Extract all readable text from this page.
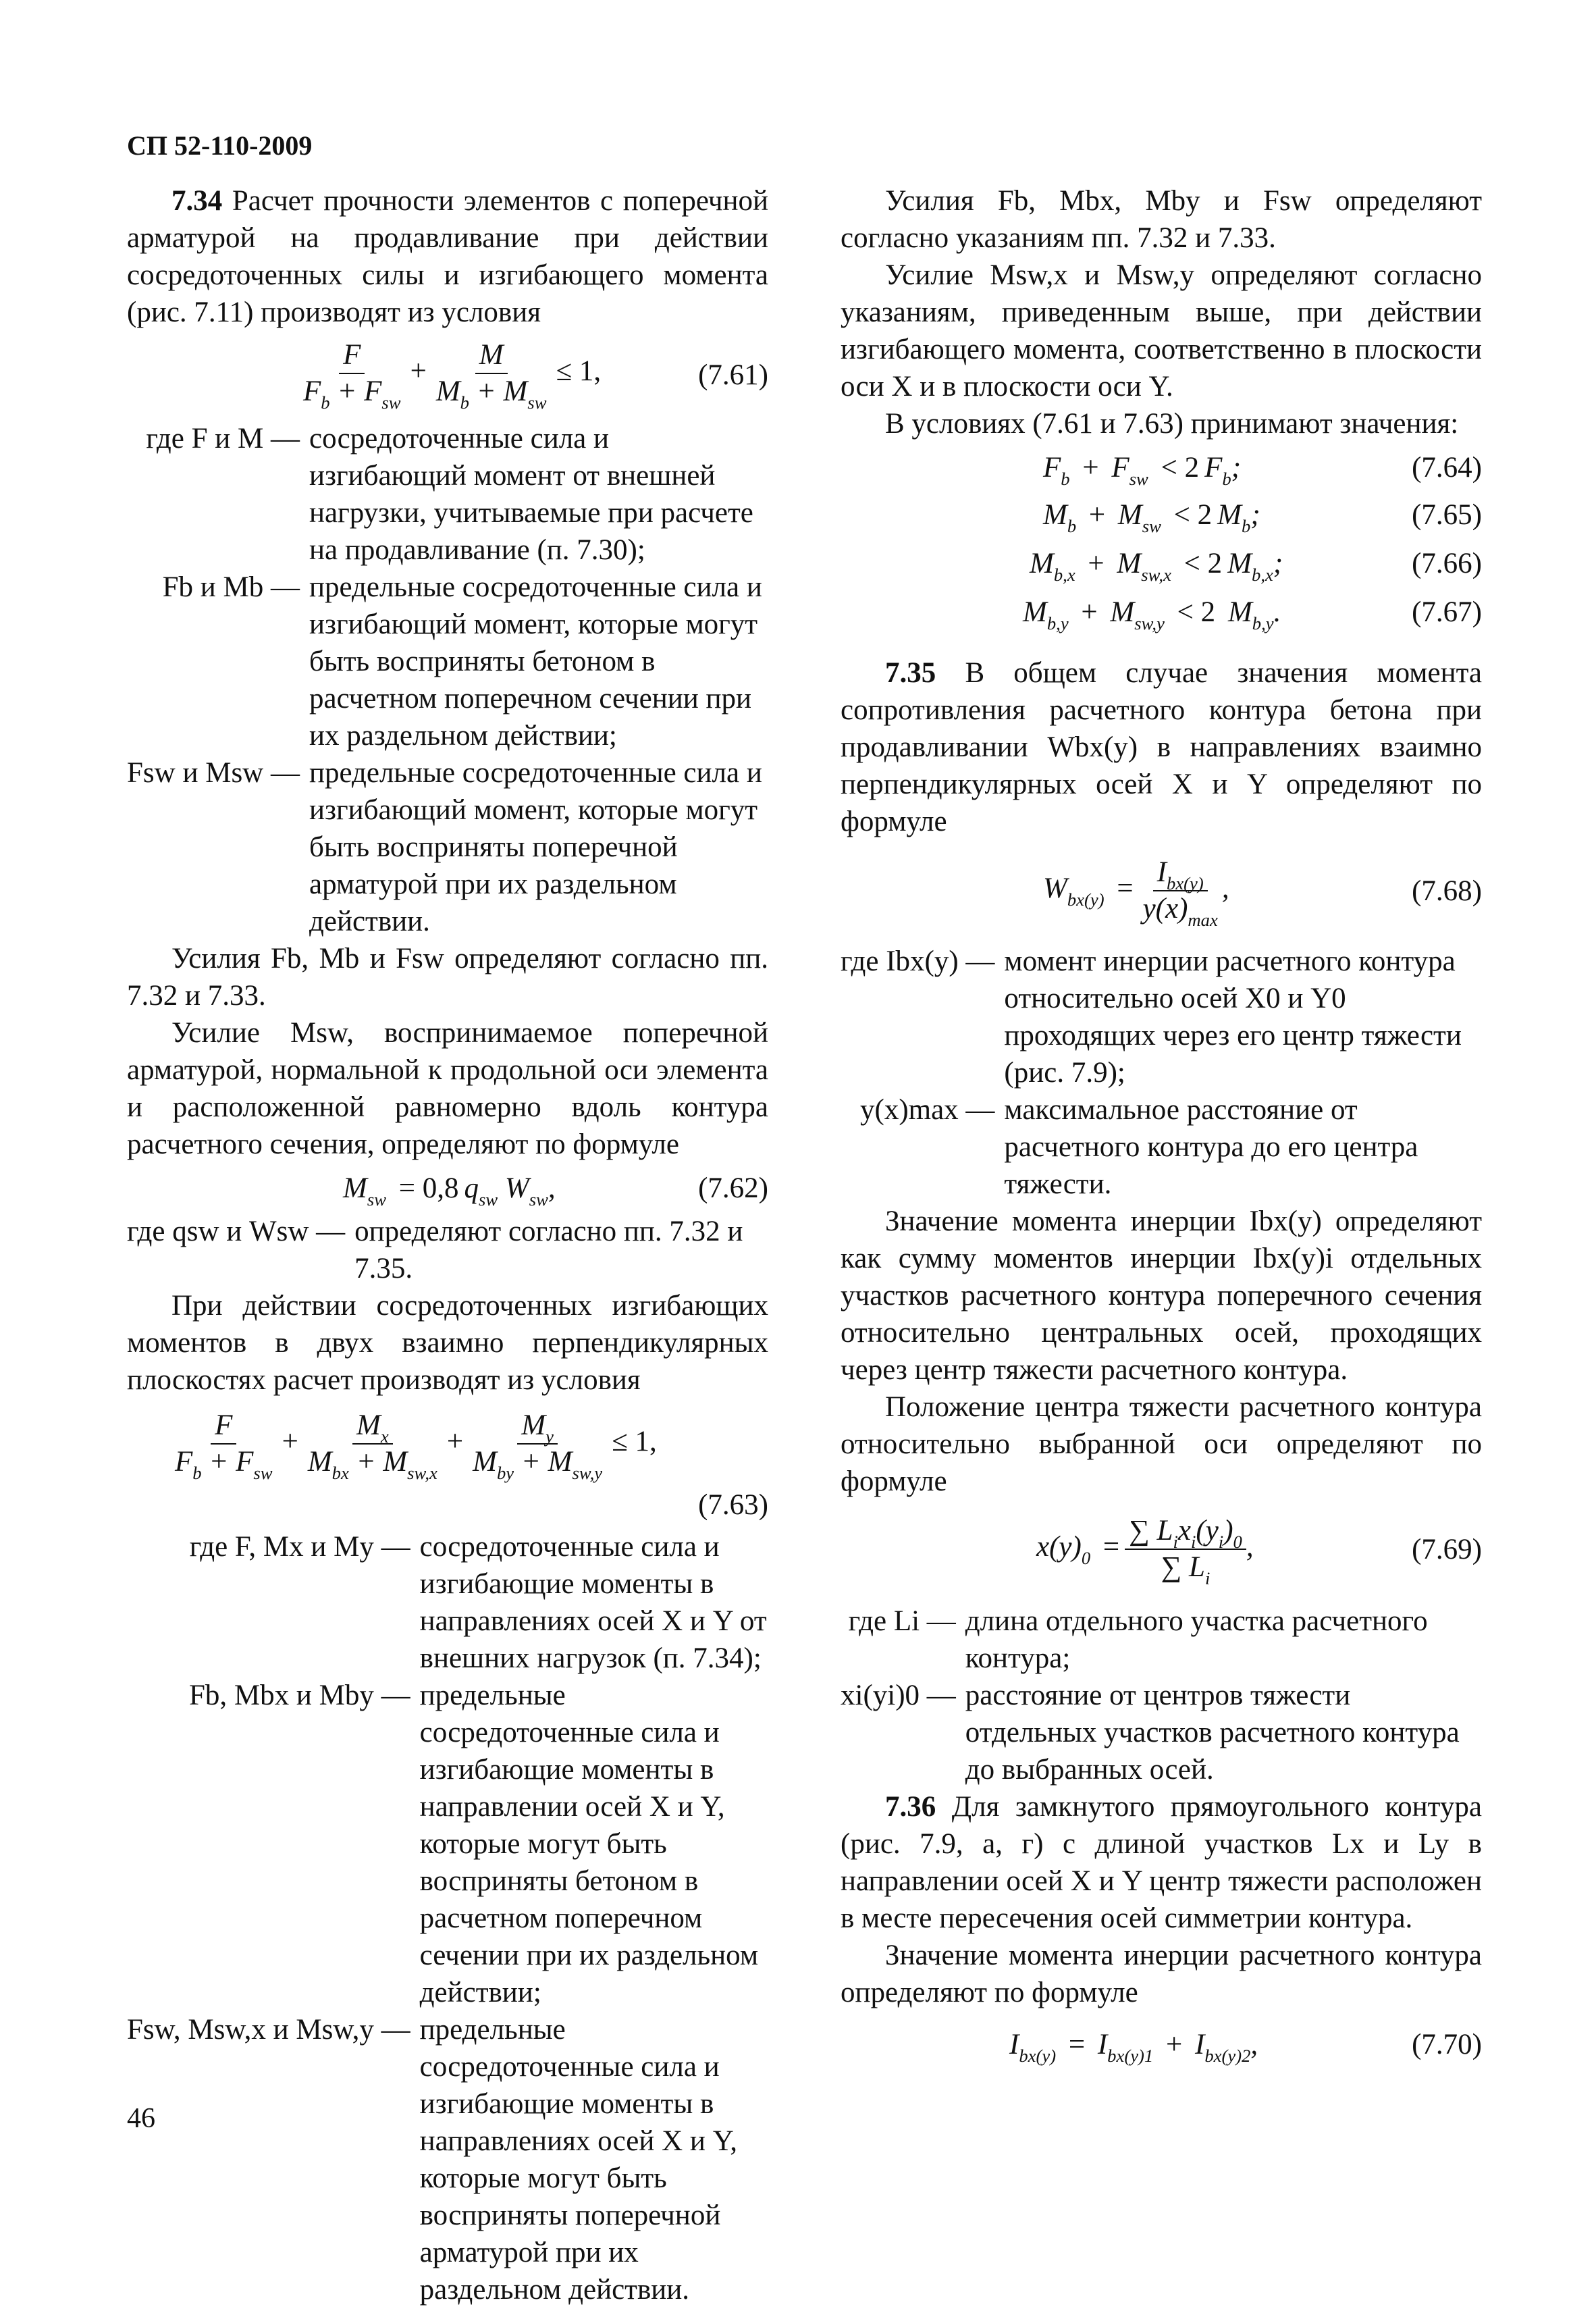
СП 52-110-2009

7.34 Расчет прочности элементов с поперечной арматурой на продавливание при действии сосредоточенных силы и изгибающего момента (рис. 7.11) производят из условия

$\frac{F}{F_b + F_{sw}} + \frac{M}{M_b + M_{sw}} \le 1$,	(7.61)
где F и M — сосредоточенные сила и изгибающий момент от внешней нагрузки, учитываемые при расчете на продавливание (п. 7.30);
Fb и Mb — предельные сосредоточенные сила и изгибающий момент, которые могут быть восприняты бетоном в расчетном поперечном сечении при их раздельном действии;
Fsw и Msw — предельные сосредоточенные сила и изгибающий момент, которые могут быть восприняты поперечной арматурой при их раздельном действии.

Усилия Fb, Mb и Fsw определяют согласно пп. 7.32 и 7.33.

Усилие Msw, воспринимаемое поперечной арматурой, нормальной к продольной оси элемента и расположенной равномерно вдоль контура расчетного сечения, определяют по формуле

$M_{sw} = 0,8$ $q_{sw}$ $W_{sw}$,	(7.62)
где qsw и Wsw — определяют согласно пп. 7.32 и 7.35.

При действии сосредоточенных изгибающих моментов в двух взаимно перпендикулярных плоскостях расчет производят из условия

$\frac{F}{F_b + F_{sw}} + \frac{M_x}{M_{bx} + M_{sw,x}} + \frac{M_y}{M_{by} + M_{sw,y}} \le 1$,
(7.63)
где F, Mx и My — сосредоточенные сила и изгибающие моменты в направлениях осей X и Y от внешних нагрузок (п. 7.34);
Fb, Mbx и Mby — предельные сосредоточенные сила и изгибающие моменты в направлении осей X и Y, которые могут быть восприняты бетоном в расчетном поперечном сечении при их раздельном действии;
Fsw, Msw,x и Msw,y — предельные сосредоточенные сила и изгибающие моменты в направлениях осей X и Y, которые могут быть восприняты поперечной арматурой при их раздельном действии.

Усилия Fb, Mbx, Mby и Fsw определяют согласно указаниям пп. 7.32 и 7.33.

Усилие Msw,x и Msw,y определяют согласно указаниям, приведенным выше, при действии изгибающего момента, соответственно в плоскости оси X и в плоскости оси Y.

В условиях (7.61 и 7.63) принимают значения:

$F_b + F_{sw} < 2$ $F_b$;	(7.64)
$M_b + M_{sw} < 2$ $M_b$;	(7.65)
$M_{b,x} + M_{sw,x} < 2$ $M_{b,x}$;	(7.66)
$M_{b,y} + M_{sw,y} < 2$ $M_{b,y}$.	(7.67)

7.35 В общем случае значения момента сопротивления расчетного контура бетона при продавливании Wbx(y) в направлениях взаимно перпендикулярных осей X и Y определяют по формуле

$W_{bx(y)} = \frac{I_{bx(y)}}{y(x)_{max}}$ ,	(7.68)
где Ibx(y) — момент инерции расчетного контура относительно осей X0 и Y0 проходящих через его центр тяжести (рис. 7.9);
y(x)max — максимальное расстояние от расчетного контура до его центра тяжести.

Значение момента инерции Ibx(y) определяют как сумму моментов инерции Ibx(y)i отдельных участков расчетного контура поперечного сечения относительно центральных осей, проходящих через центр тяжести расчетного контура.

Положение центра тяжести расчетного контура относительно выбранной оси определяют по формуле

$x(y)_0 = \frac{\sum L_ix_i(y_i)_0}{\sum L_i}$ ,	(7.69)
где Li — длина отдельного участка расчетного контура;
xi(yi)0 — расстояние от центров тяжести отдельных участков расчетного контура до выбранных осей.

7.36 Для замкнутого прямоугольного контура (рис. 7.9, а, г) с длиной участков Lx и Ly в направлении осей X и Y центр тяжести расположен в месте пересечения осей симметрии контура.

Значение момента инерции расчетного контура определяют по формуле

$I_{bx(y)} = I_{bx(y)1} + I_{bx(y)2}$,	(7.70)
46
